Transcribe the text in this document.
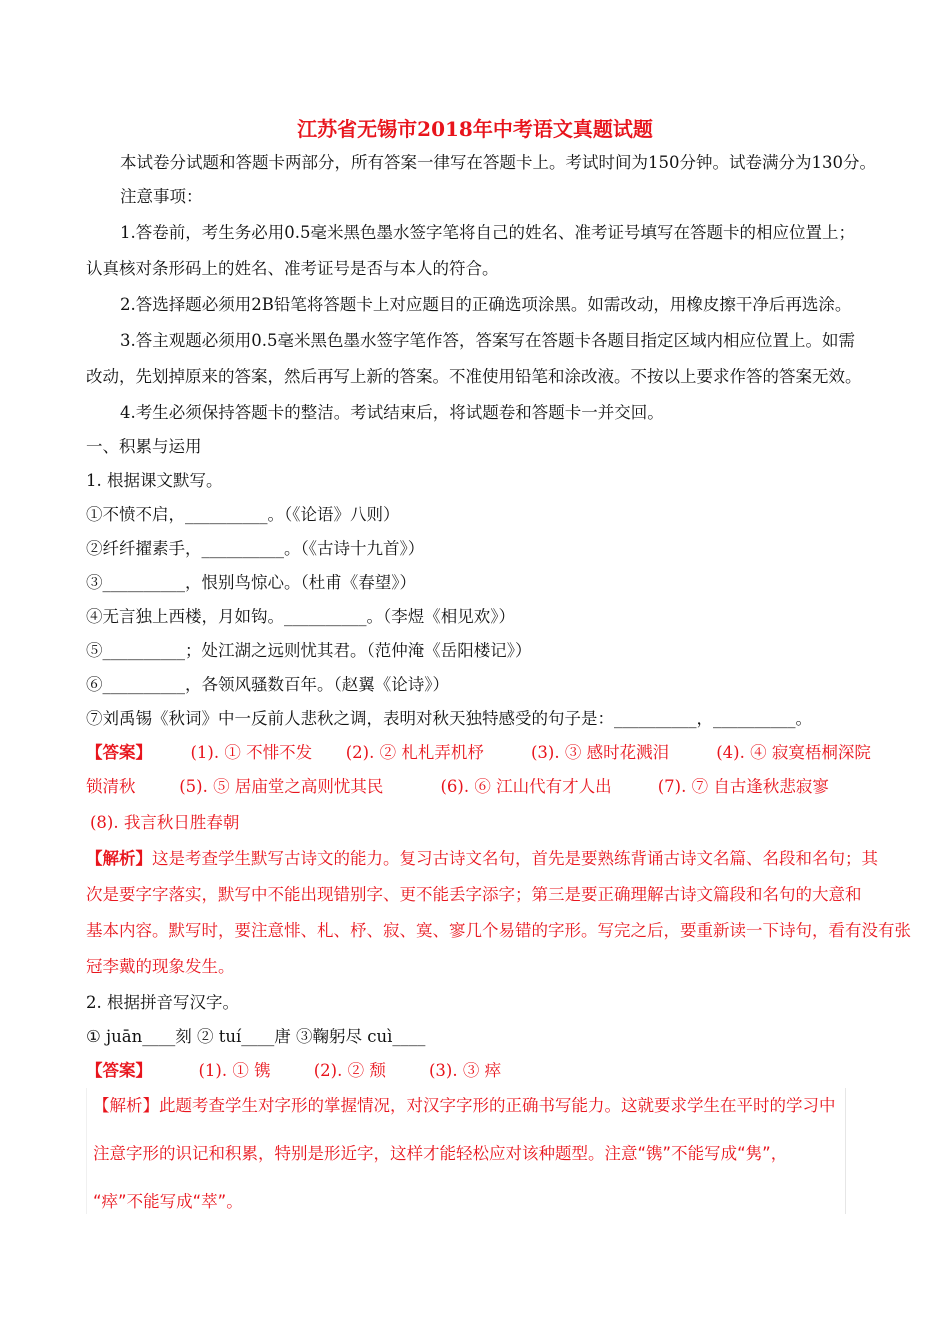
江苏省无锡市2018年中考语文真题试题
本试卷分试题和答题卡两部分，所有答案一律写在答题卡上。考试时间为150分钟。试卷满分为130分。
注意事项：
1.答卷前，考生务必用0.5毫米黑色墨水签字笔将自己的姓名、准考证号填写在答题卡的相应位置上；
认真核对条形码上的姓名、准考证号是否与本人的符合。
2.答选择题必须用2B铅笔将答题卡上对应题目的正确选项涂黑。如需改动，用橡皮擦干净后再选涂。
3.答主观题必须用0.5毫米黑色墨水签字笔作答，答案写在答题卡各题目指定区域内相应位置上。如需
改动，先划掉原来的答案，然后再写上新的答案。不准使用铅笔和涂改液。不按以上要求作答的答案无效。
4.考生必须保持答题卡的整洁。考试结束后，将试题卷和答题卡一并交回。
一、积累与运用
1. 根据课文默写。
①不愤不启，__________。（《论语》八则）
②纤纤擢素手，__________。（《古诗十九首》）
③__________，恨别鸟惊心。（杜甫《春望》）
④无言独上西楼，月如钩。__________。（李煜《相见欢》）
⑤__________；处江湖之远则忧其君。（范仲淹《岳阳楼记》）
⑥__________，各领风骚数百年。（赵翼《论诗》）
⑦刘禹锡《秋词》中一反前人悲秋之调，表明对秋天独特感受的句子是：__________，__________。
【答案】 (1). ① 不悱不发 (2). ② 札札弄机杼	(3). ③ 感时花溅泪	(4). ④ 寂寞梧桐深院
锁清秋	(5). ⑤ 居庙堂之高则忧其民	(6). ⑥ 江山代有才人出	(7). ⑦ 自古逢秋悲寂寥
(8). 我言秋日胜春朝
【解析】这是考查学生默写古诗文的能力。复习古诗文名句，首先是要熟练背诵古诗文名篇、名段和名句；其
次是要字字落实，默写中不能出现错别字、更不能丢字添字；第三是要正确理解古诗文篇段和名句的大意和
基本内容。默写时，要注意悱、札、杼、寂、寞、寥几个易错的字形。写完之后，要重新读一下诗句，看有没有张
冠李戴的现象发生。
2. 根据拼音写汉字。
① juān____刻 ② tuí____唐 ③鞠躬尽 cuì____
【答案】	(1). ① 镌	(2). ② 颓	(3). ③ 瘁
【解析】此题考查学生对字形的掌握情况，对汉字字形的正确书写能力。这就要求学生在平时的学习中
注意字形的识记和积累，特别是形近字，这样才能轻松应对该种题型。注意“镌”不能写成“隽”，
“瘁”不能写成“萃”。
